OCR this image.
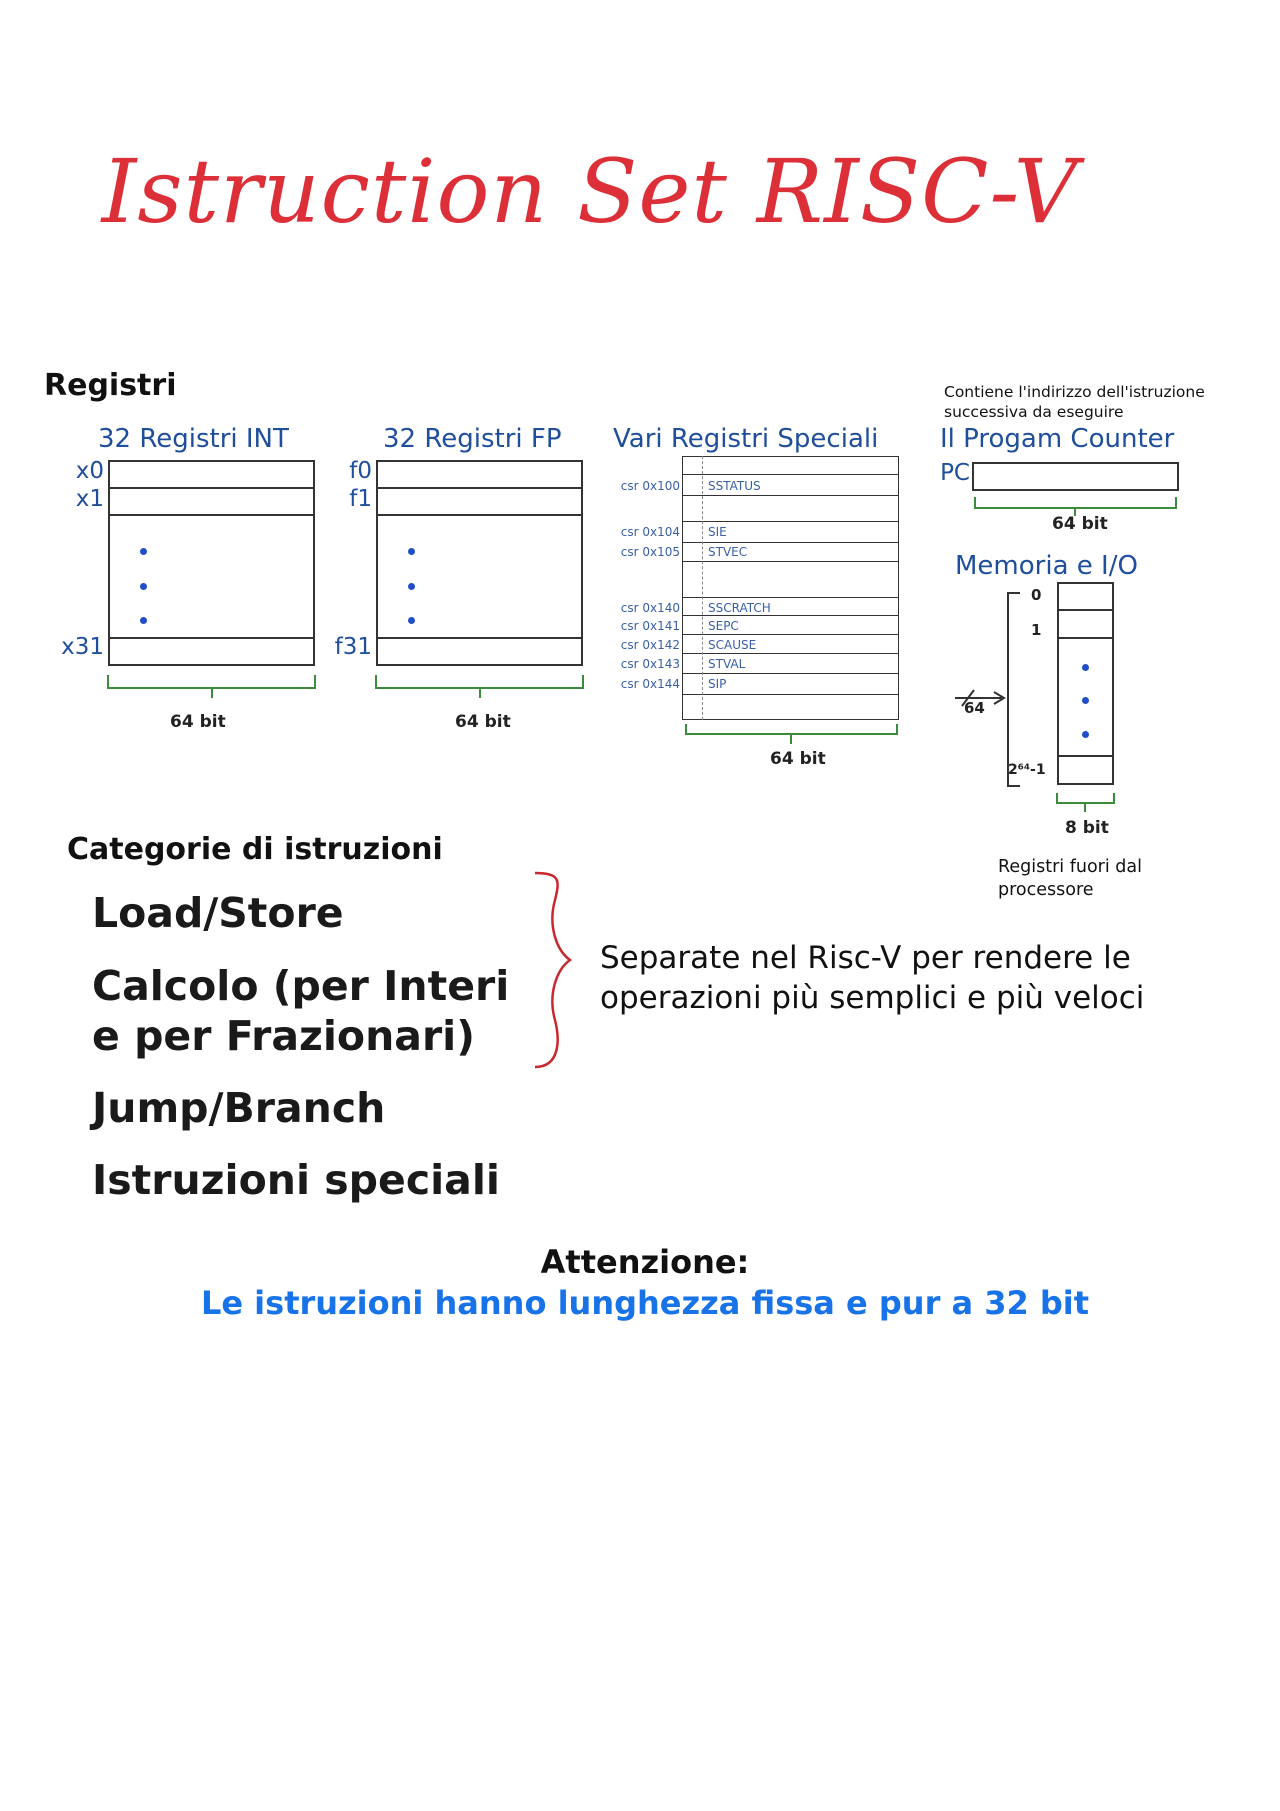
Istruction Set RISC-V
Registri
32 Registri INT
x0
x1
x31
64 bit
32 Registri FP
f0
f1
f31
64 bit
Vari Registri Speciali
csr 0x100 SSTATUS
csr 0x104 SIE
csr 0x105 STVEC
csr 0x140 SSCRATCH
csr 0x141 SEPC
csr 0x142 SCAUSE
csr 0x143 STVAL
csr 0x144 SIP
64 bit
Contiene l'indirizzo dell'istruzione successiva da eseguire
Il Progam Counter
PC
64 bit
Memoria e I/O
0
1
2⁶⁴-1
64
8 bit
Registri fuori dal processore
Categorie di istruzioni
Load/Store
Calcolo (per Interi
e per Frazionari)
Jump/Branch
Istruzioni speciali
Separate nel Risc-V per rendere le
operazioni più semplici e più veloci
Attenzione:
Le istruzioni hanno lunghezza fissa e pur a 32 bit
